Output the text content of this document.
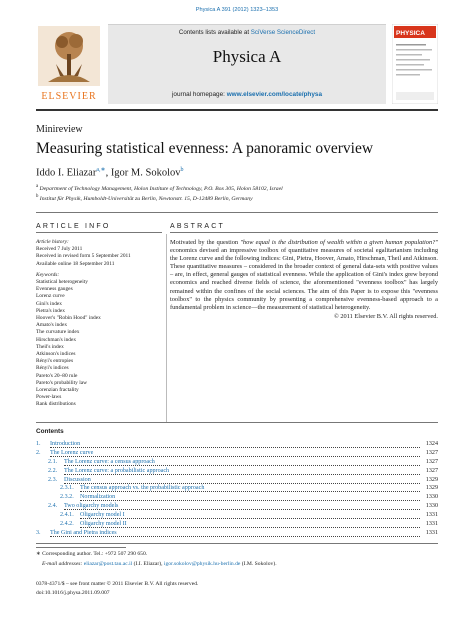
Physica A 391 (2012) 1323–1353
ELSEVIER
Contents lists available at SciVerse ScienceDirect
Physica A
journal homepage: www.elsevier.com/locate/physa
PHYSICA
Minireview
Measuring statistical evenness: A panoramic overview
Iddo I. Eliazar$^{a,∗}$, Igor M. Sokolov$^b$
$^a$ Department of Technology Management, Holon Institute of Technology, P.O. Box 305, Holon 58102, Israel
$^b$ Institut für Physik, Humboldt-Universität zu Berlin, Newtonstr. 15, D-12489 Berlin, Germany
ARTICLE INFO	ABSTRACT
Article history:
Received 7 July 2011
Received in revised form 5 September 2011
Available online 18 September 2011
Keywords:
Statistical heterogeneity
Evenness gauges
Lorenz curve
Gini's index
Pietra's index
Hoover's "Robin Hood" index
Amato's index
The curvature index
Hirschman's index
Theil's index
Atkinson's indices
Rényi's entropies
Rényi's indices
Pareto's 20–80 rule
Pareto's probability law
Lorenzian fractality
Power-laws
Rank distributions

Motivated by the question "how equal is the distribution of wealth within a given human population?" economics devised an impressive toolbox of quantitative measures of societal egalitarianism including the Lorenz curve and the following indices: Gini, Pietra, Hoover, Amato, Hirschman, Theil and Atkinson. These quantitative measures – considered in the broader context of general data-sets with positive values – are, in effect, general gauges of statistical evenness. While the application of Gini's index grew beyond economics and reached diverse fields of science, the aforementioned "evenness toolbox" has largely remained within the confines of the social sciences. The aim of this Paper is to expose this "evenness toolbox" to the physics community by presenting a comprehensive evenness-based approach to a fundamental problem in science—the measurement of statistical heterogeneity.

© 2011 Elsevier B.V. All rights reserved.

Contents
1. Introduction	1324
2. The Lorenz curve	1327
2.1. The Lorenz curve: a census approach	1327
2.2. The Lorenz curve: a probabilistic approach	1327
2.3. Discussion	1329
2.3.1. The census approach vs. the probabilistic approach	1329
2.3.2. Normalization	1330
2.4. Two oligarchy models	1330
2.4.1. Oligarchy model I	1331
2.4.2. Oligarchy model II	1331
3. The Gini and Pietra indices	1331
∗ Corresponding author. Tel.: +972 507 290 650.
E-mail addresses: eliazar@post.tau.ac.il (I.I. Eliazar), igor.sokolov@physik.hu-berlin.de (I.M. Sokolov).
0378-4371/$ – see front matter © 2011 Elsevier B.V. All rights reserved.
doi:10.1016/j.physa.2011.09.007
